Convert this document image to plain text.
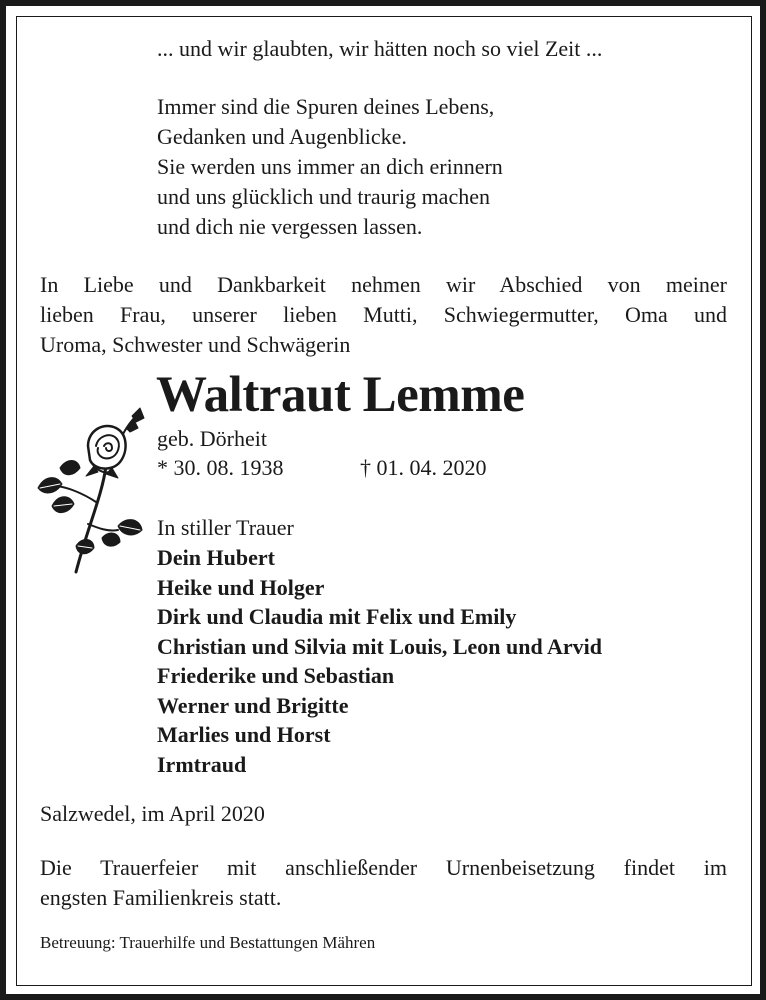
... und wir glaubten, wir hätten noch so viel Zeit ...

Immer sind die Spuren deines Lebens,

Gedanken und Augenblicke.

Sie werden uns immer an dich erinnern

und uns glücklich und traurig machen

und dich nie vergessen lassen.

In Liebe und Dankbarkeit nehmen wir Abschied von meiner

lieben Frau, unserer lieben Mutti, Schwiegermutter, Oma und

Uroma, Schwester und Schwägerin

Waltraut Lemme

geb. Dörheit

* 30. 08. 1938	† 01. 04. 2020

In stiller Trauer

Dein Hubert

Heike und Holger

Dirk und Claudia mit Felix und Emily

Christian und Silvia mit Louis, Leon und Arvid

Friederike und Sebastian

Werner und Brigitte

Marlies und Horst

Irmtraud

Salzwedel, im April 2020

Die Trauerfeier mit anschließender Urnenbeisetzung findet im

engsten Familienkreis statt.

Betreuung: Trauerhilfe und Bestattungen Mähren
